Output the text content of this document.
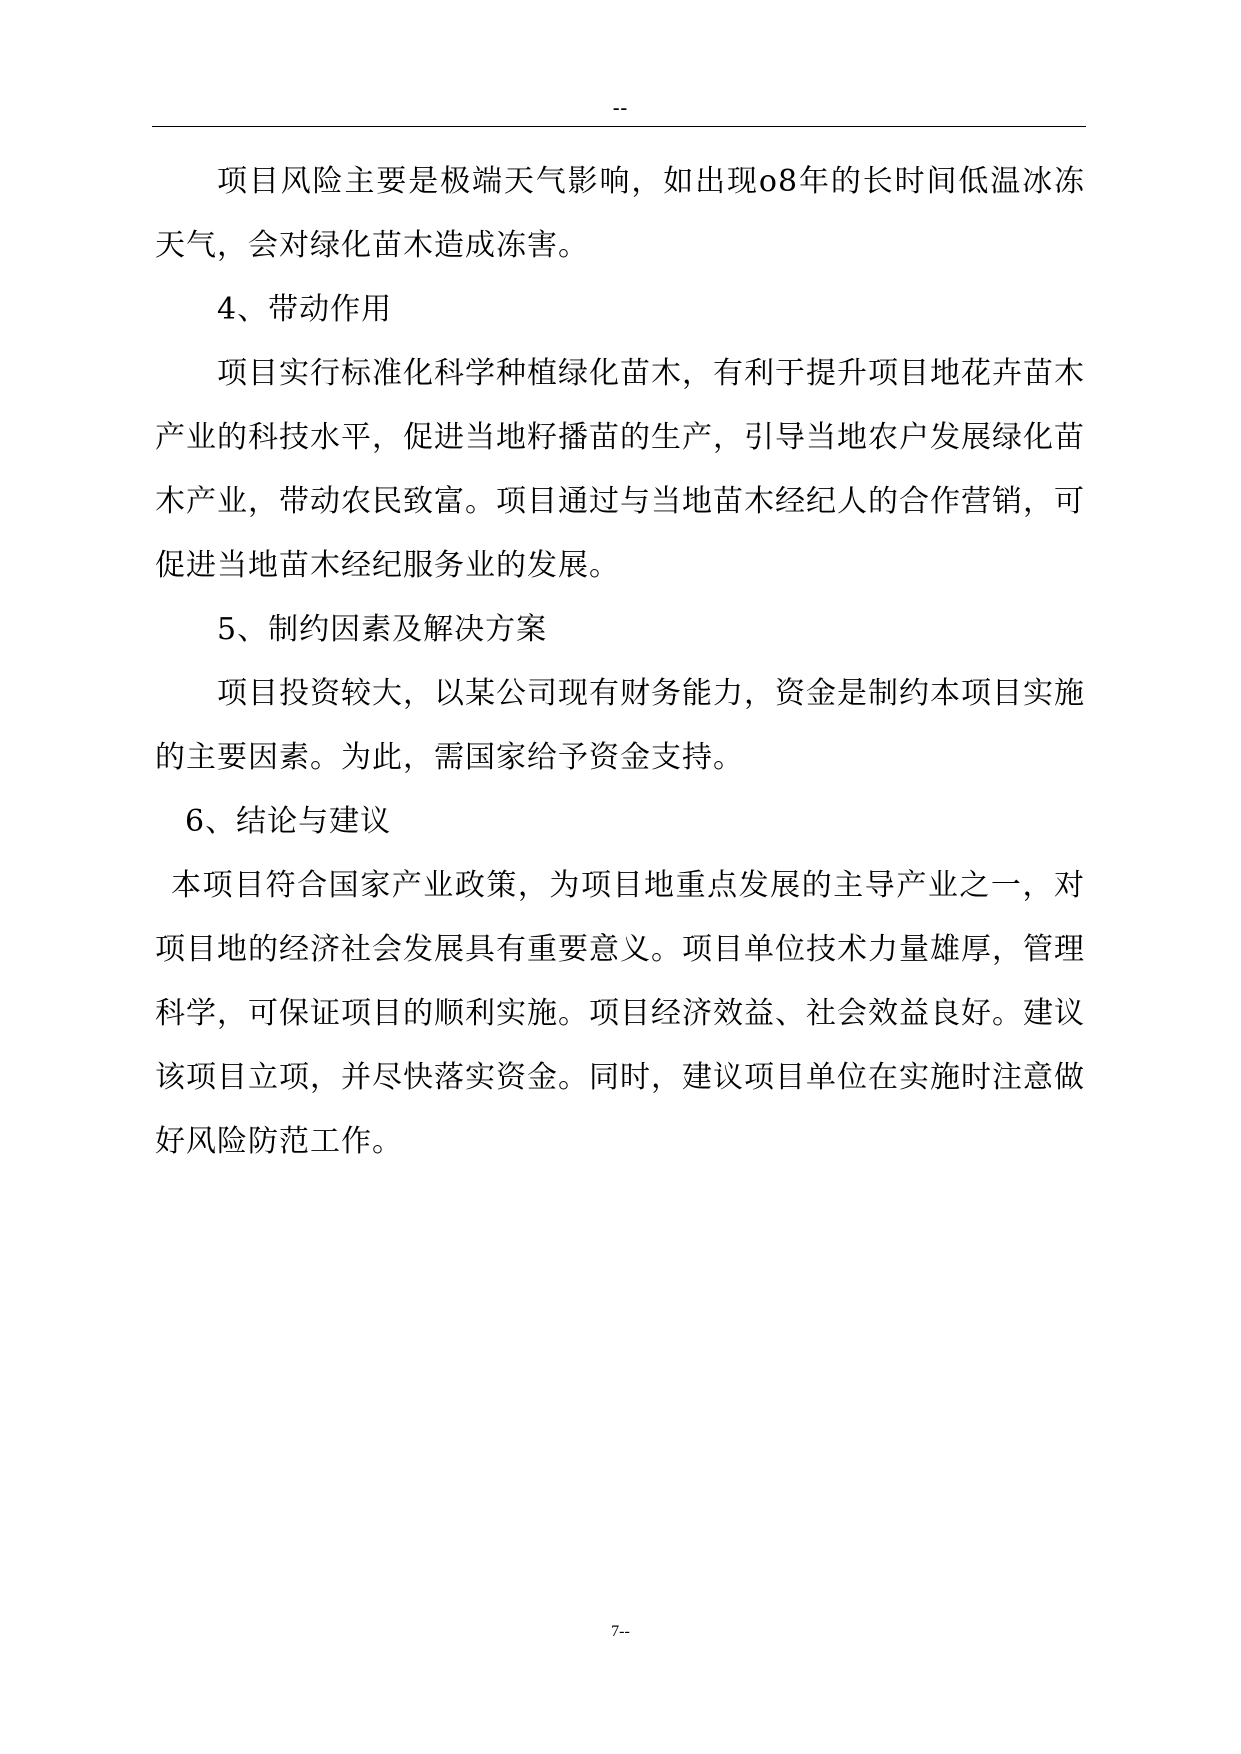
--

项目风险主要是极端天气影响，如出现o8年的长时间低温冰冻天气，会对绿化苗木造成冻害。

4、带动作用

项目实行标准化科学种植绿化苗木，有利于提升项目地花卉苗木产业的科技水平，促进当地籽播苗的生产，引导当地农户发展绿化苗木产业，带动农民致富。项目通过与当地苗木经纪人的合作营销，可促进当地苗木经纪服务业的发展。

5、制约因素及解决方案

项目投资较大，以某公司现有财务能力，资金是制约本项目实施的主要因素。为此，需国家给予资金支持。

6、结论与建议

本项目符合国家产业政策，为项目地重点发展的主导产业之一，对项目地的经济社会发展具有重要意义。项目单位技术力量雄厚，管理科学，可保证项目的顺利实施。项目经济效益、社会效益良好。建议该项目立项，并尽快落实资金。同时，建议项目单位在实施时注意做好风险防范工作。

7--
